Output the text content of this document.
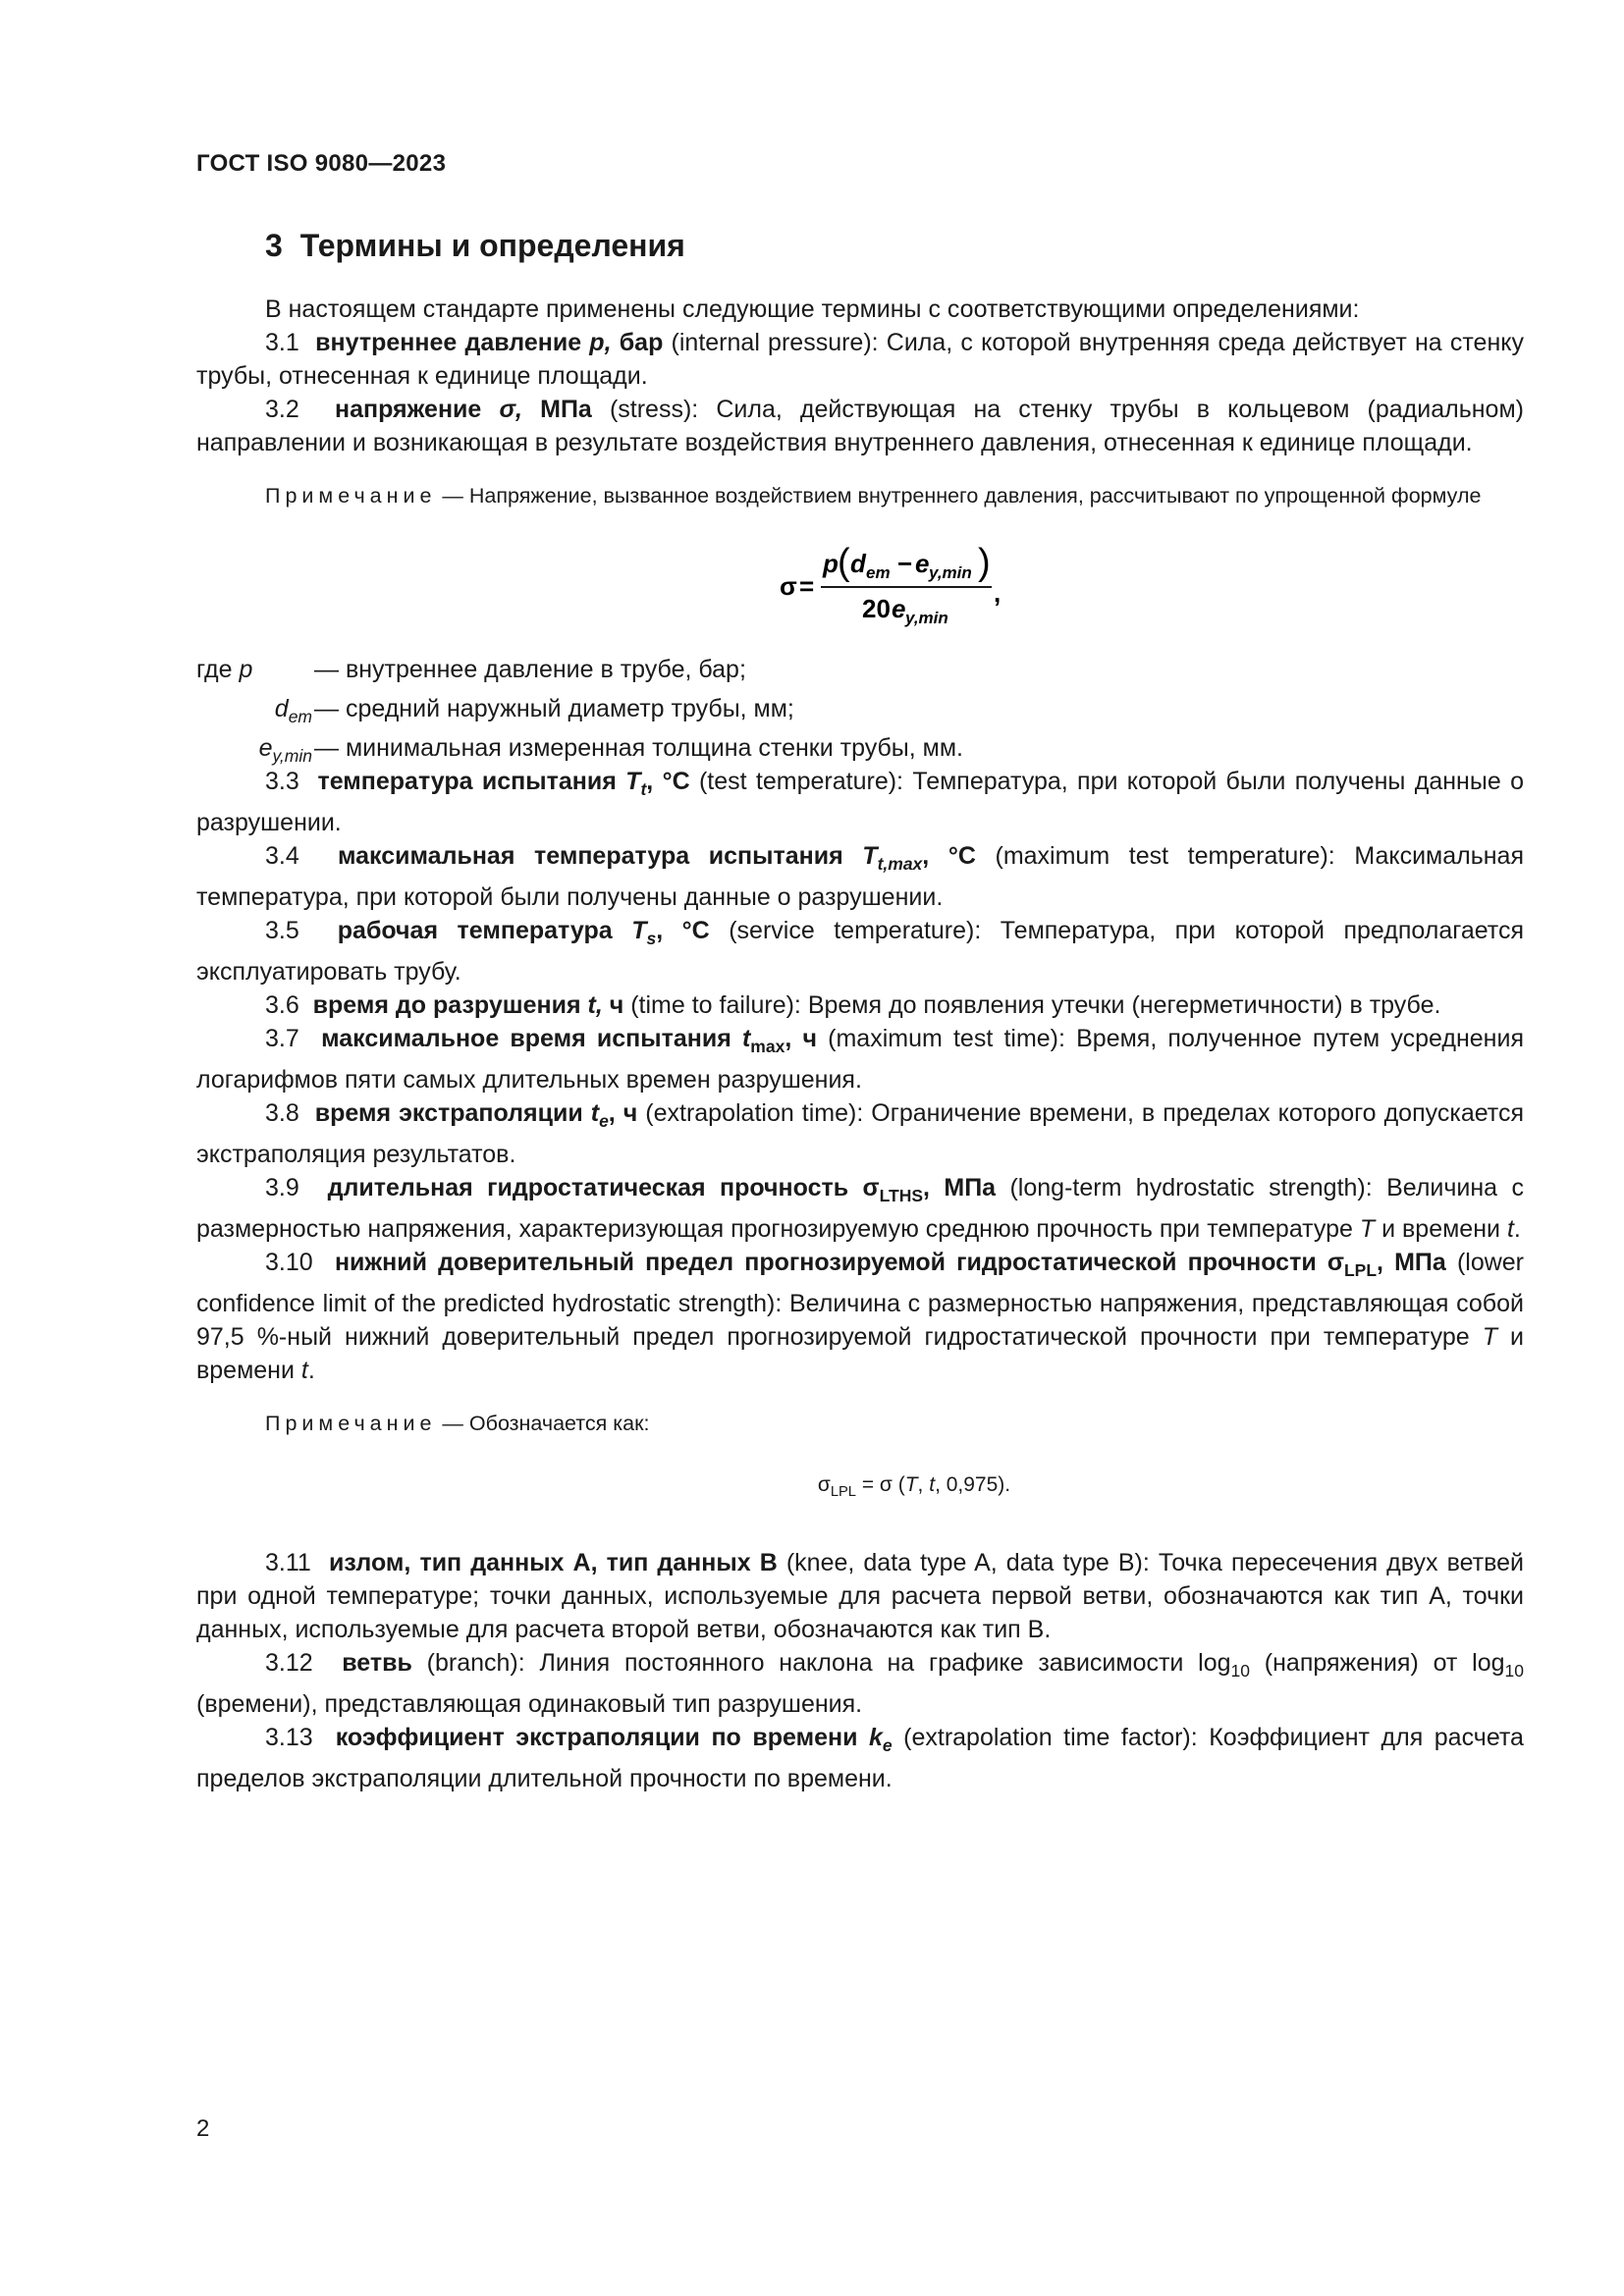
ГОСТ ISO 9080—2023
3 Термины и определения

В настоящем стандарте применены следующие термины с соответствующими определениями:

3.1 внутреннее давление p, бар (internal pressure): Сила, с которой внутренняя среда действует на стенку трубы, отнесенная к единице площади.

3.2 напряжение σ, МПа (stress): Сила, действующая на стенку трубы в кольцевом (радиальном) направлении и возникающая в результате воздействия внутреннего давления, отнесенная к единице площади.

Примечание — Напряжение, вызванное воздействием внутреннего давления, рассчитывают по упрощенной формуле
σ =
p ( d em − e y,min )
20 e y,min
,
где p	— внутреннее давление в трубе, бар;
$d_{em}$ — средний наружный диаметр трубы, мм;
$e_{y,min}$ — минимальная измеренная толщина стенки трубы, мм.

3.3 температура испытания $T_t$, °С (test temperature): Температура, при которой были получены данные о разрушении.

3.4 максимальная температура испытания $T_{t,max}$, °С (maximum test temperature): Максимальная температура, при которой были получены данные о разрушении.

3.5 рабочая температура $T_s$, °С (service temperature): Температура, при которой предполагается эксплуатировать трубу.

3.6 время до разрушения t, ч (time to failure): Время до появления утечки (негерметичности) в трубе.

3.7 максимальное время испытания $t_{max}$, ч (maximum test time): Время, полученное путем усреднения логарифмов пяти самых длительных времен разрушения.

3.8 время экстраполяции $t_e$, ч (extrapolation time): Ограничение времени, в пределах которого допускается экстраполяция результатов.

3.9 длительная гидростатическая прочность $\sigma_{LTHS}$, МПа (long-term hydrostatic strength): Величина с размерностью напряжения, характеризующая прогнозируемую среднюю прочность при температуре T и времени t.

3.10 нижний доверительный предел прогнозируемой гидростатической прочности $\sigma_{LPL}$, МПа (lower confidence limit of the predicted hydrostatic strength): Величина с размерностью напряжения, представляющая собой 97,5 %-ный нижний доверительный предел прогнозируемой гидростатической прочности при температуре T и времени t.

Примечание — Обозначается как:
$\sigma_{LPL} = \sigma$ (T, t, 0,975).

3.11 излом, тип данных А, тип данных В (knee, data type A, data type B): Точка пересечения двух ветвей при одной температуре; точки данных, используемые для расчета первой ветви, обозначаются как тип А, точки данных, используемые для расчета второй ветви, обозначаются как тип В.

3.12 ветвь (branch): Линия постоянного наклона на графике зависимости $\log_{10}$ (напряжения) от $\log_{10}$ (времени), представляющая одинаковый тип разрушения.

3.13 коэффициент экстраполяции по времени $k_e$ (extrapolation time factor): Коэффициент для расчета пределов экстраполяции длительной прочности по времени.

2
